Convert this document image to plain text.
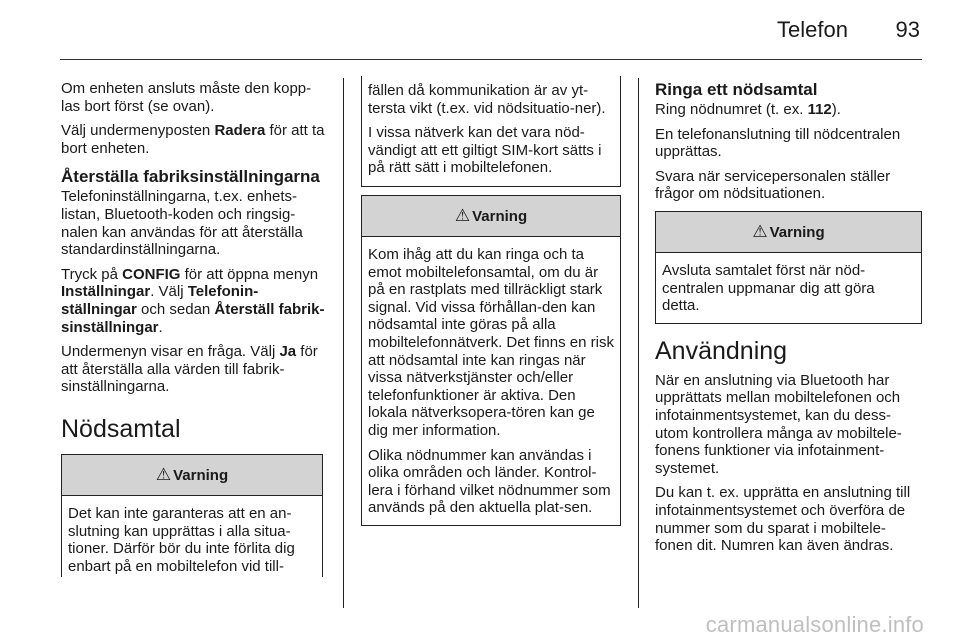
Telefon 93

Om enheten ansluts måste den kopp-las bort först (se ovan).

Välj undermenyposten Radera för att ta bort enheten.

Återställa fabriksinställningarna

Telefoninställningarna, t.ex. enhets-listan, Bluetooth-koden och ringsig-nalen kan användas för att återställa standardinställningarna.

Tryck på CONFIG för att öppna menyn Inställningar. Välj Telefonin-ställningar och sedan Återställ fabrik-sinställningar.

Undermenyn visar en fråga. Välj Ja för att återställa alla värden till fabrik-sinställningarna.

Nödsamtal
⚠ Varning

Det kan inte garanteras att en an-slutning kan upprättas i alla situa-tioner. Därför bör du inte förlita dig enbart på en mobiltelefon vid till-

fällen då kommunikation är av yt-tersta vikt (t.ex. vid nödsituatio-ner).

I vissa nätverk kan det vara nöd-vändigt att ett giltigt SIM-kort sätts i på rätt sätt i mobiltelefonen.

⚠ Varning

Kom ihåg att du kan ringa och ta emot mobiltelefonsamtal, om du är på en rastplats med tillräckligt stark signal. Vid vissa förhållan-den kan nödsamtal inte göras på alla mobiltelefonnätverk. Det finns en risk att nödsamtal inte kan ringas när vissa nätverkstjänster och/eller telefonfunktioner är aktiva. Den lokala nätverksopera-tören kan ge dig mer information.

Olika nödnummer kan användas i olika områden och länder. Kontrol-lera i förhand vilket nödnummer som används på den aktuella plat-sen.

Ringa ett nödsamtal

Ring nödnumret (t. ex. 112).

En telefonanslutning till nödcentralen upprättas.

Svara när servicepersonalen ställer frågor om nödsituationen.

⚠ Varning

Avsluta samtalet först när nöd-centralen uppmanar dig att göra detta.

Användning

När en anslutning via Bluetooth har upprättats mellan mobiltelefonen och infotainmentsystemet, kan du dess-utom kontrollera många av mobiltele-fonens funktioner via infotainment-systemet.

Du kan t. ex. upprätta en anslutning till infotainmentsystemet och överföra de nummer som du sparat i mobiltele-fonen dit. Numren kan även ändras.

carmanualsonline.info
